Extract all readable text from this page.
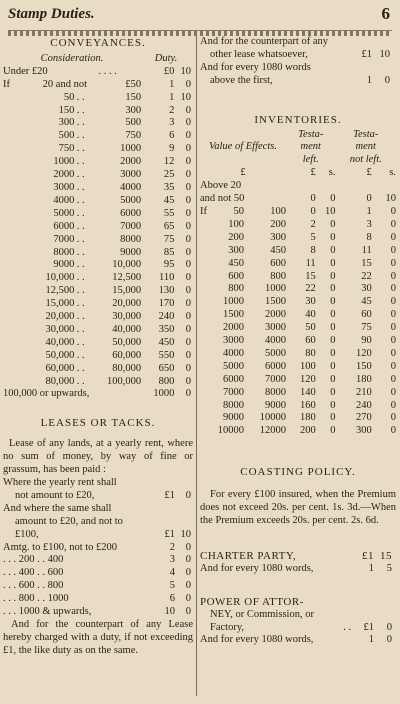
Stamp Duties.	6
CONVEYANCES.
Consideration.				Duty.	
Under £20		. . . .		£0	10
If	20 and not		£50	1	0
	50	. .	150	1	10
	150	. .	300	2	0
	300	. .	500	3	0
	500	. .	750	6	0
	750	. .	1000	9	0
	1000	. .	2000	12	0
	2000	. .	3000	25	0
	3000	. .	4000	35	0
	4000	. .	5000	45	0
	5000	. .	6000	55	0
	6000	. .	7000	65	0
	7000	. .	8000	75	0
	8000	. .	9000	85	0
	9000	. .	10,000	95	0
	10,000	. .	12,500	110	0
	12,500	. .	15,000	130	0
	15,000	. .	20,000	170	0
	20,000	. .	30,000	240	0
	30,000	. .	40,000	350	0
	40,000	. .	50,000	450	0
	50,000	. .	60,000	550	0
	60,000	. .	80,000	650	0
	80,000	. .	100,000	800	0
100,000 or upwards,				1000	0
LEASES OR TACKS.
Lease of any lands, at a yearly rent, where no sum of money, by way of fine or grassum, has been paid :
Where the yearly rent shall
not amount to £20,	£1	0
And where the same shall		
amount to £20, and not to		
£100,	£1	10
Amtg. to £100, not to £200	2	0
. . . 200 . . 400	3	0
. . . 400 . . 600	4	0
. . . 600 . . 800	5	0
. . . 800 . . 1000	6	0
. . . 1000 & upwards,	10	0
And for the counterpart of any Lease hereby charged with a duty, if not exceeding £1, the like duty as on the same.
And for the counterpart of any
other lease whatsoever,	£1	10
And for every 1080 words		
above the first,	1	0
INVENTORIES.
			Testa-		Testa-	
Value of Effects.			ment		ment	
			left.		not left.	
£			£	s.	£	s.
Above 20						
and not 50			0	0	0	10
If	50	100	0	10	1	0
	100	200	2	0	3	0
	200	300	5	0	8	0
	300	450	8	0	11	0
	450	600	11	0	15	0
	600	800	15	0	22	0
	800	1000	22	0	30	0
	1000	1500	30	0	45	0
	1500	2000	40	0	60	0
	2000	3000	50	0	75	0
	3000	4000	60	0	90	0
	4000	5000	80	0	120	0
	5000	6000	100	0	150	0
	6000	7000	120	0	180	0
	7000	8000	140	0	210	0
	8000	9000	160	0	240	0
	9000	10000	180	0	270	0
	10000	12000	200	0	300	0
COASTING POLICY.
For every £100 insured, when the Premium does not exceed 20s. per cent. 1s. 3d.—When the Premium exceeds 20s. per cent. 2s. 6d.
CHARTER PARTY,	£1	15
And for every 1080 words,	1	5
POWER OF ATTOR-			
NEY, or Commission, or			
Factory,	. .	£1	0
And for every 1080 words,		1	0
